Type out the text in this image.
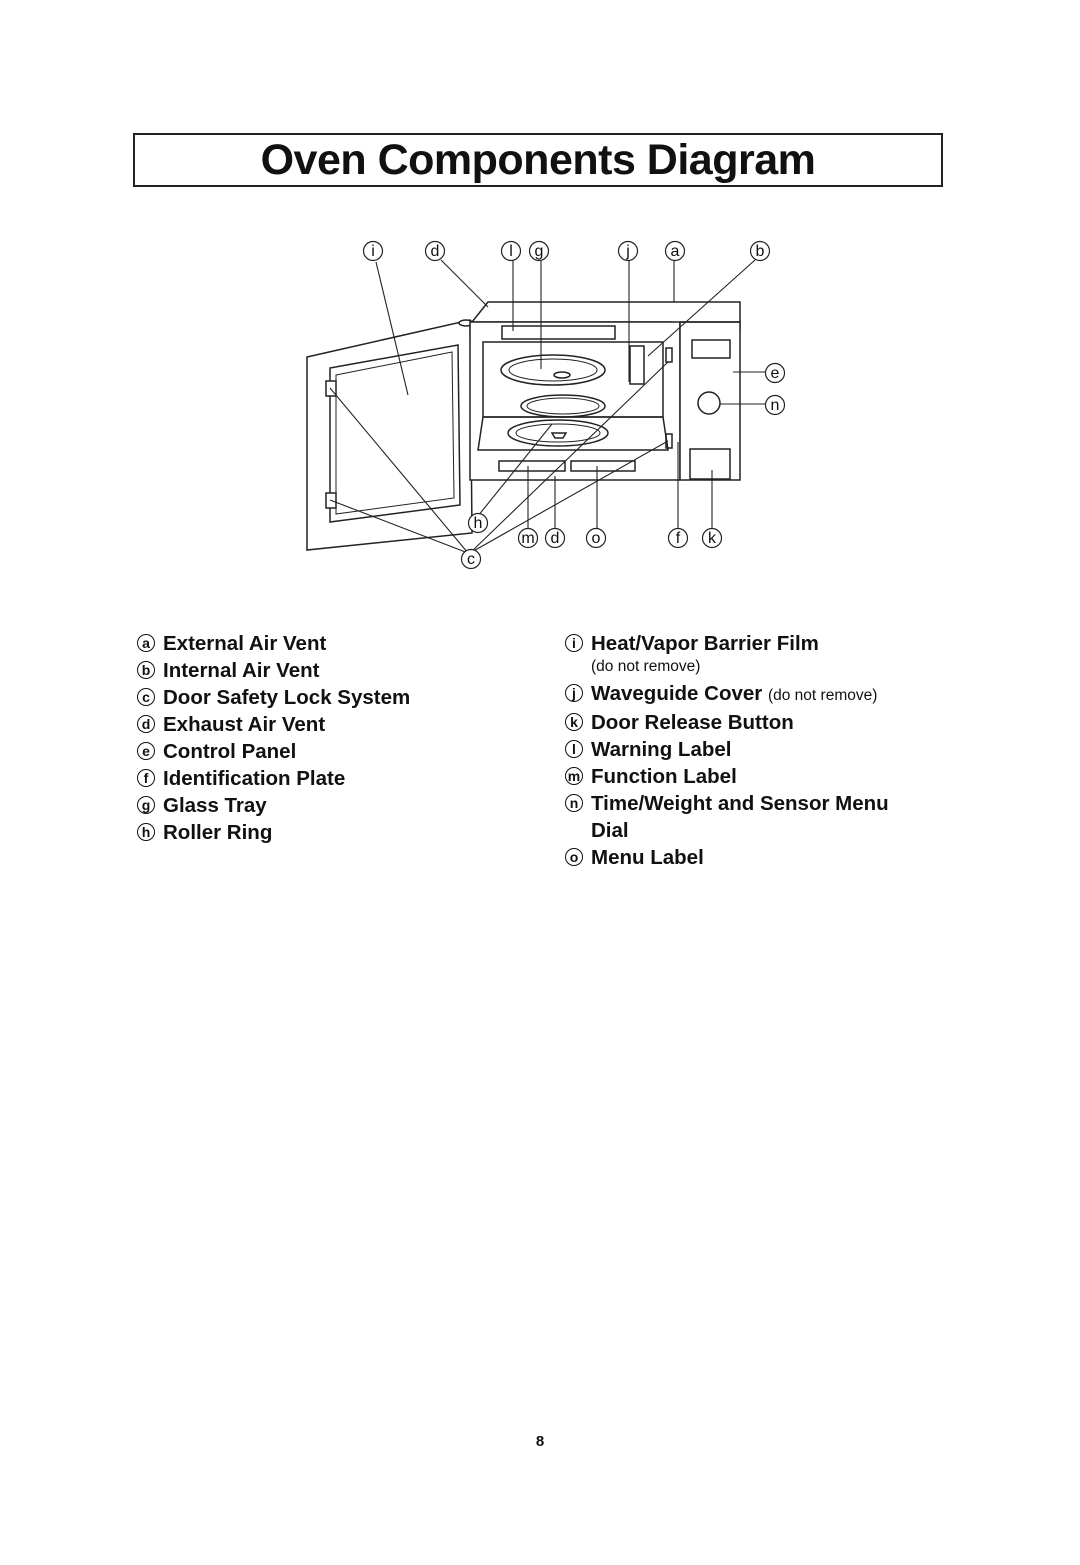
Oven Components Diagram
i	d	l g	j	a	b
e
n
h
m d o	f k
c
a External Air Vent
b Internal Air Vent
c Door Safety Lock System
d Exhaust Air Vent
e Control Panel
f Identification Plate
g Glass Tray
h Roller Ring
i Heat/Vapor Barrier Film
(do not remove)
j Waveguide Cover (do not remove)
k Door Release Button
l Warning Label
m Function Label
n Time/Weight and Sensor Menu
Dial
o Menu Label
8
